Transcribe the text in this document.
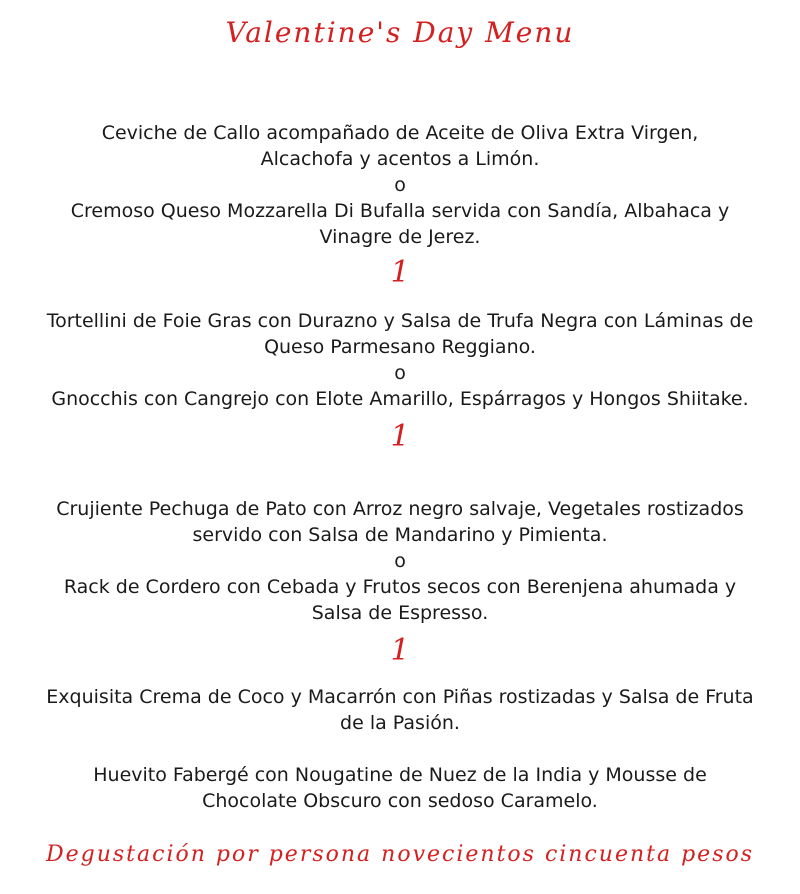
Valentine's Day Menu
Ceviche de Callo acompañado de Aceite de Oliva Extra Virgen,
Alcachofa y acentos a Limón.
o
Cremoso Queso Mozzarella Di Bufalla servida con Sandía, Albahaca y
Vinagre de Jerez.
1
Tortellini de Foie Gras con Durazno y Salsa de Trufa Negra con Láminas de
Queso Parmesano Reggiano.
o
Gnocchis con Cangrejo con Elote Amarillo, Espárragos y Hongos Shiitake.
1
Crujiente Pechuga de Pato con Arroz negro salvaje, Vegetales rostizados
servido con Salsa de Mandarino y Pimienta.
o
Rack de Cordero con Cebada y Frutos secos con Berenjena ahumada y
Salsa de Espresso.
1
Exquisita Crema de Coco y Macarrón con Piñas rostizadas y Salsa de Fruta
de la Pasión.
Huevito Fabergé con Nougatine de Nuez de la India y Mousse de
Chocolate Obscuro con sedoso Caramelo.
Degustación por persona novecientos cincuenta pesos
